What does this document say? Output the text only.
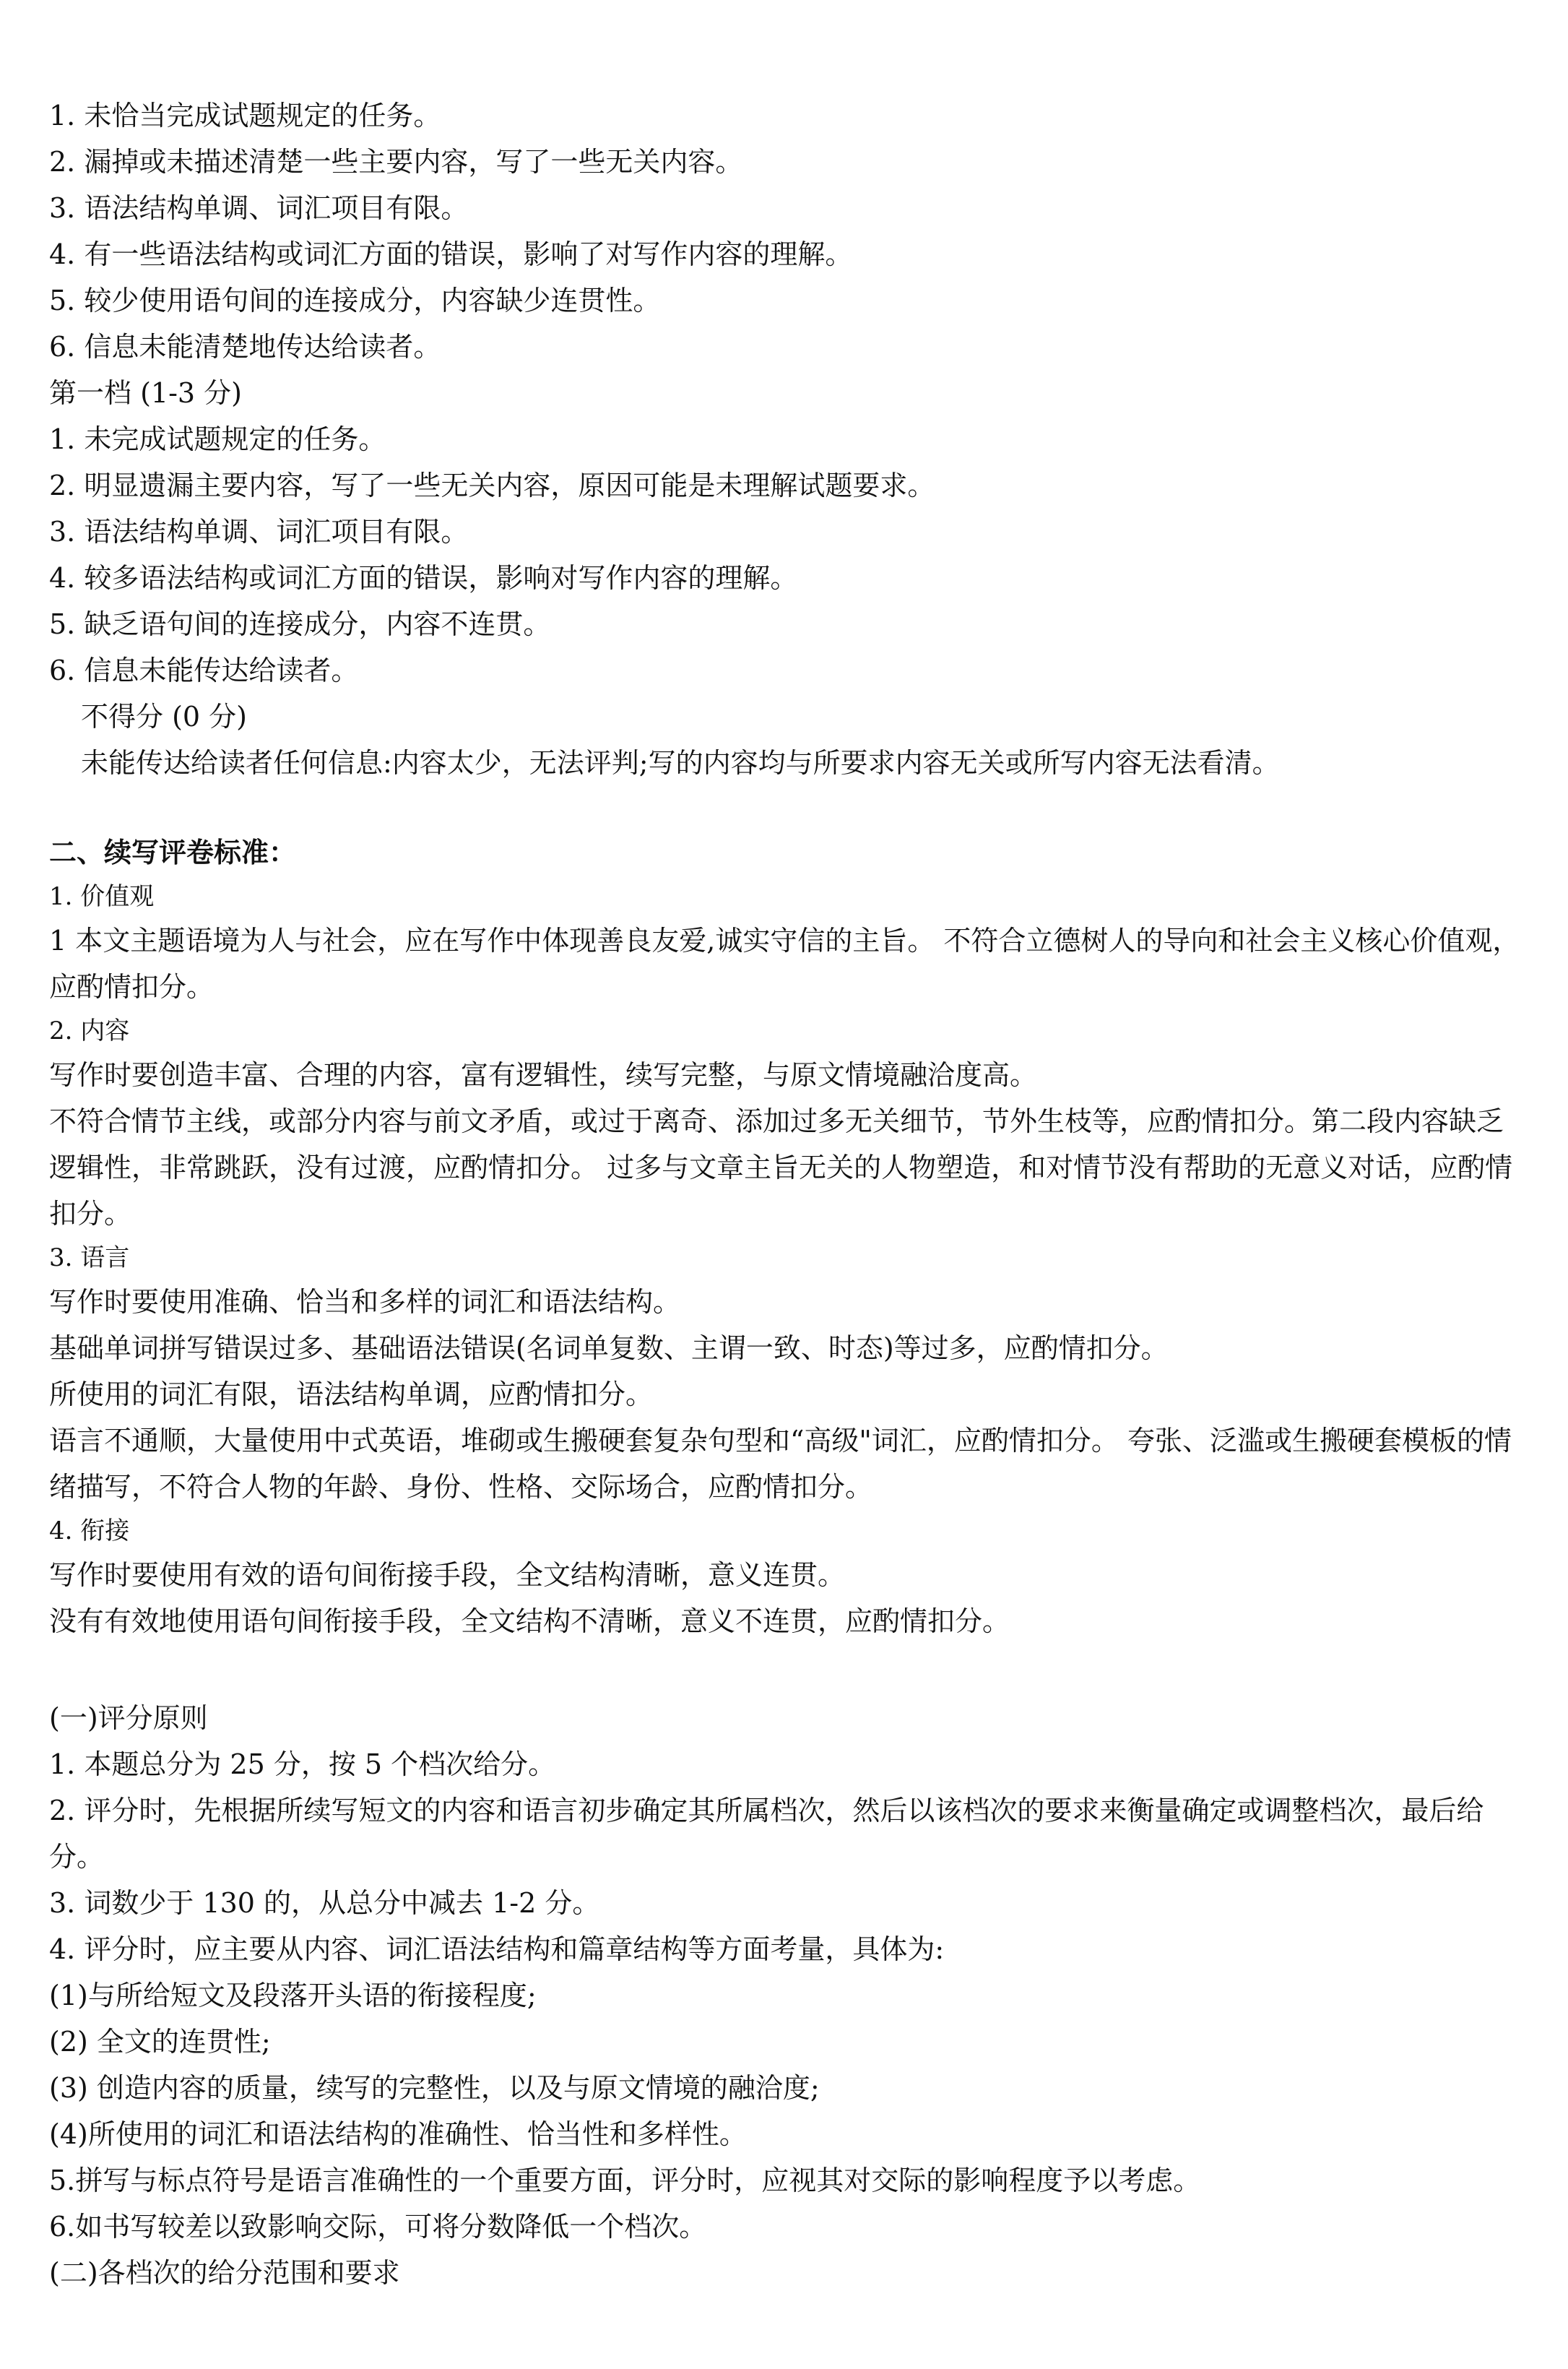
1. 未恰当完成试题规定的任务。
2. 漏掉或未描述清楚一些主要内容，写了一些无关内容。
3. 语法结构单调、词汇项目有限。
4. 有一些语法结构或词汇方面的错误，影响了对写作内容的理解。
5. 较少使用语句间的连接成分，内容缺少连贯性。
6. 信息未能清楚地传达给读者。
第一档 (1-3 分)
1. 未完成试题规定的任务。
2. 明显遗漏主要内容，写了一些无关内容，原因可能是未理解试题要求。
3. 语法结构单调、词汇项目有限。
4. 较多语法结构或词汇方面的错误，影响对写作内容的理解。
5. 缺乏语句间的连接成分，内容不连贯。
6. 信息未能传达给读者。
不得分 (0 分)
未能传达给读者任何信息:内容太少，无法评判;写的内容均与所要求内容无关或所写内容无法看清。
二、续写评卷标准：
1. 价值观
1 本文主题语境为人与社会，应在写作中体现善良友爱,诚实守信的主旨。 不符合立德树人的导向和社会主义核心价值观，应酌情扣分。
2. 内容
写作时要创造丰富、合理的内容，富有逻辑性，续写完整，与原文情境融洽度高。
不符合情节主线，或部分内容与前文矛盾，或过于离奇、添加过多无关细节，节外生枝等，应酌情扣分。第二段内容缺乏逻辑性，非常跳跃，没有过渡，应酌情扣分。 过多与文章主旨无关的人物塑造，和对情节没有帮助的无意义对话，应酌情扣分。
3. 语言
写作时要使用准确、恰当和多样的词汇和语法结构。
基础单词拼写错误过多、基础语法错误(名词单复数、主谓一致、时态)等过多，应酌情扣分。
所使用的词汇有限，语法结构单调，应酌情扣分。
语言不通顺，大量使用中式英语，堆砌或生搬硬套复杂句型和“高级"词汇，应酌情扣分。 夸张、泛滥或生搬硬套模板的情绪描写，不符合人物的年龄、身份、性格、交际场合，应酌情扣分。
4. 衔接
写作时要使用有效的语句间衔接手段，全文结构清晰，意义连贯。
没有有效地使用语句间衔接手段，全文结构不清晰，意义不连贯，应酌情扣分。
(一)评分原则
1. 本题总分为 25 分，按 5 个档次给分。
2. 评分时，先根据所续写短文的内容和语言初步确定其所属档次，然后以该档次的要求来衡量确定或调整档次，最后给分。
3. 词数少于 130 的，从总分中减去 1-2 分。
4. 评分时，应主要从内容、词汇语法结构和篇章结构等方面考量，具体为:
(1)与所给短文及段落开头语的衔接程度;
(2) 全文的连贯性;
(3) 创造内容的质量，续写的完整性，以及与原文情境的融洽度;
(4)所使用的词汇和语法结构的准确性、恰当性和多样性。
5.拼写与标点符号是语言准确性的一个重要方面，评分时，应视其对交际的影响程度予以考虑。
6.如书写较差以致影响交际，可将分数降低一个档次。
(二)各档次的给分范围和要求
